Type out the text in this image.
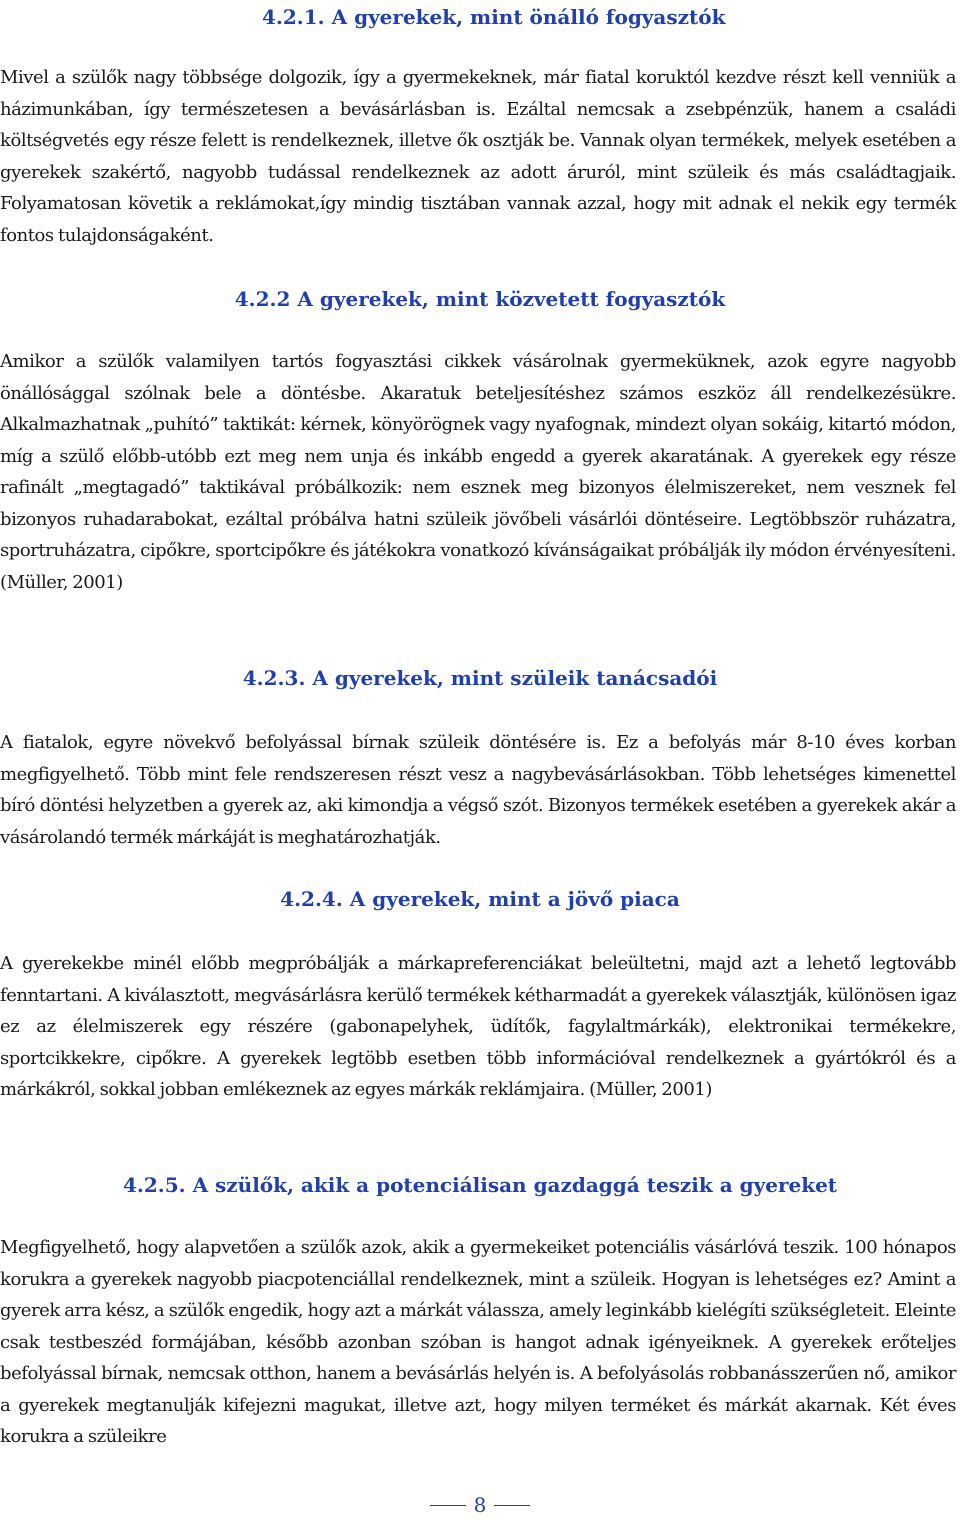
4.2.1. A gyerekek, mint önálló fogyasztók

Mivel a szülők nagy többsége dolgozik, így a gyermekeknek, már fiatal koruktól kezdve részt kell venniük a házimunkában, így természetesen a bevásárlásban is. Ezáltal nemcsak a zsebpénzük, hanem a családi költségvetés egy része felett is rendelkeznek, illetve ők osztják be. Vannak olyan termékek, melyek esetében a gyerekek szakértő, nagyobb tudással rendelkeznek az adott áruról, mint szüleik és más családtagjaik. Folyamatosan követik a reklámokat,így mindig tisztában vannak azzal, hogy mit adnak el nekik egy termék fontos tulajdonságaként.

4.2.2 A gyerekek, mint közvetett fogyasztók

Amikor a szülők valamilyen tartós fogyasztási cikkek vásárolnak gyermeküknek, azok egyre nagyobb önállósággal szólnak bele a döntésbe. Akaratuk beteljesítéshez számos eszköz áll rendelkezésükre. Alkalmazhatnak „puhító” taktikát: kérnek, könyörögnek vagy nyafognak, mindezt olyan sokáig, kitartó módon, míg a szülő előbb-utóbb ezt meg nem unja és inkább engedd a gyerek akaratának. A gyerekek egy része rafinált „megtagadó” taktikával próbálkozik: nem esznek meg bizonyos élelmiszereket, nem vesznek fel bizonyos ruhadarabokat, ezáltal próbálva hatni szüleik jövőbeli vásárlói döntéseire. Legtöbbször ruházatra, sportruházatra, cipőkre, sportcipőkre és játékokra vonatkozó kívánságaikat próbálják ily módon érvényesíteni. (Müller, 2001)

4.2.3. A gyerekek, mint szüleik tanácsadói

A fiatalok, egyre növekvő befolyással bírnak szüleik döntésére is. Ez a befolyás már 8-10 éves korban megfigyelhető. Több mint fele rendszeresen részt vesz a nagybevásárlásokban. Több lehetséges kimenettel bíró döntési helyzetben a gyerek az, aki kimondja a végső szót. Bizonyos termékek esetében a gyerekek akár a vásárolandó termék márkáját is meghatározhatják.

4.2.4. A gyerekek, mint a jövő piaca

A gyerekekbe minél előbb megpróbálják a márkapreferenciákat beleültetni, majd azt a lehető legtovább fenntartani. A kiválasztott, megvásárlásra kerülő termékek kétharmadát a gyerekek választják, különösen igaz ez az élelmiszerek egy részére (gabonapelyhek, üdítők, fagylaltmárkák), elektronikai termékekre, sportcikkekre, cipőkre. A gyerekek legtöbb esetben több információval rendelkeznek a gyártókról és a márkákról, sokkal jobban emlékeznek az egyes márkák reklámjaira. (Müller, 2001)

4.2.5. A szülők, akik a potenciálisan gazdaggá teszik a gyereket

Megfigyelhető, hogy alapvetően a szülők azok, akik a gyermekeiket potenciális vásárlóvá teszik. 100 hónapos korukra a gyerekek nagyobb piacpotenciállal rendelkeznek, mint a szüleik. Hogyan is lehetséges ez? Amint a gyerek arra kész, a szülők engedik, hogy azt a márkát válassza, amely leginkább kielégíti szükségleteit. Eleinte csak testbeszéd formájában, később azonban szóban is hangot adnak igényeiknek. A gyerekek erőteljes befolyással bírnak, nemcsak otthon, hanem a bevásárlás helyén is. A befolyásolás robbanásszerűen nő, amikor a gyerekek megtanulják kifejezni magukat, illetve azt, hogy milyen terméket és márkát akarnak. Két éves korukra a szüleikre

8
